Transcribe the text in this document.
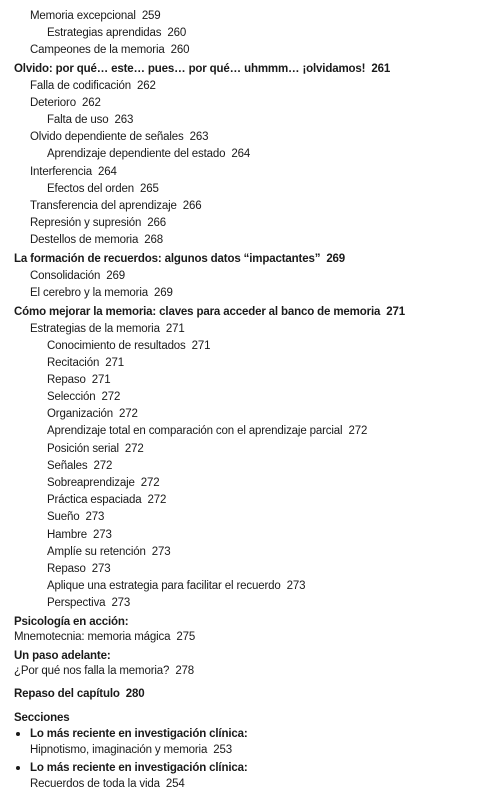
Memoria excepcional 259
Estrategias aprendidas 260
Campeones de la memoria 260
Olvido: por qué… este… pues… por qué… uhmmm… ¡olvidamos! 261
Falla de codificación 262
Deterioro 262
Falta de uso 263
Olvido dependiente de señales 263
Aprendizaje dependiente del estado 264
Interferencia 264
Efectos del orden 265
Transferencia del aprendizaje 266
Represión y supresión 266
Destellos de memoria 268
La formación de recuerdos: algunos datos “impactantes” 269
Consolidación 269
El cerebro y la memoria 269
Cómo mejorar la memoria: claves para acceder al banco de memoria 271
Estrategias de la memoria 271
Conocimiento de resultados 271
Recitación 271
Repaso 271
Selección 272
Organización 272
Aprendizaje total en comparación con el aprendizaje parcial 272
Posición serial 272
Señales 272
Sobreaprendizaje 272
Práctica espaciada 272
Sueño 273
Hambre 273
Amplíe su retención 273
Repaso 273
Aplique una estrategia para facilitar el recuerdo 273
Perspectiva 273
Psicología en acción:
Mnemotecnia: memoria mágica 275
Un paso adelante:
¿Por qué nos falla la memoria? 278
Repaso del capítulo 280
Secciones
Lo más reciente en investigación clínica:
Hipnotismo, imaginación y memoria 253
Lo más reciente en investigación clínica:
Recuerdos de toda la vida 254
